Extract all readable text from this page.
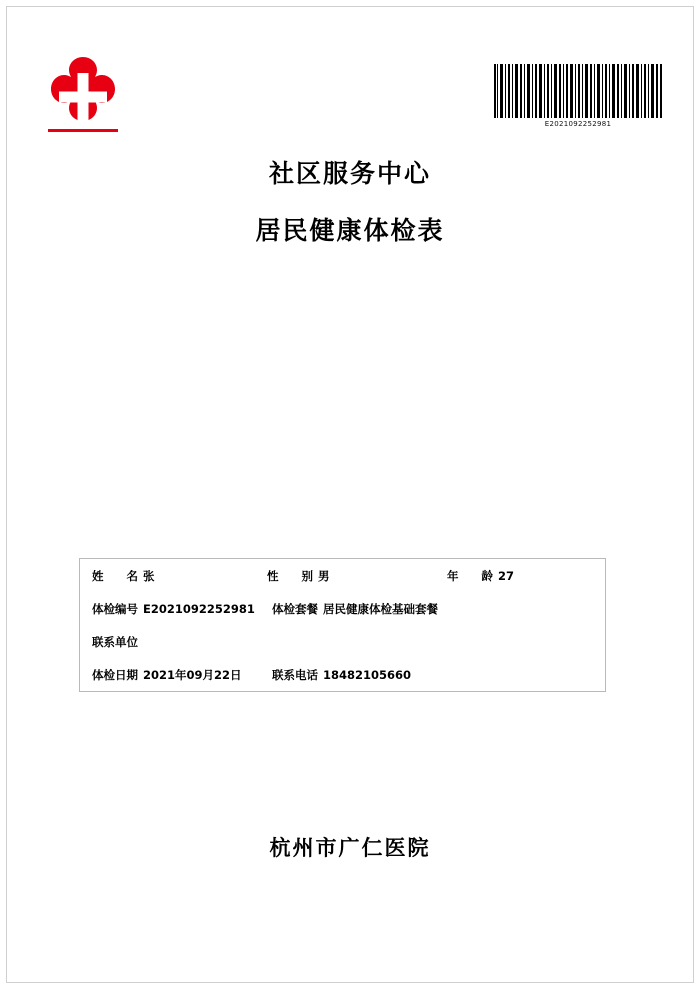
E2021092252981
社区服务中心
居民健康体检表
姓　　名 张	性　　别 男	年　　龄 27
体检编号 E2021092252981 体检套餐 居民健康体检基础套餐
联系单位
体检日期 2021年09月22日	联系电话 18482105660
杭州市广仁医院
